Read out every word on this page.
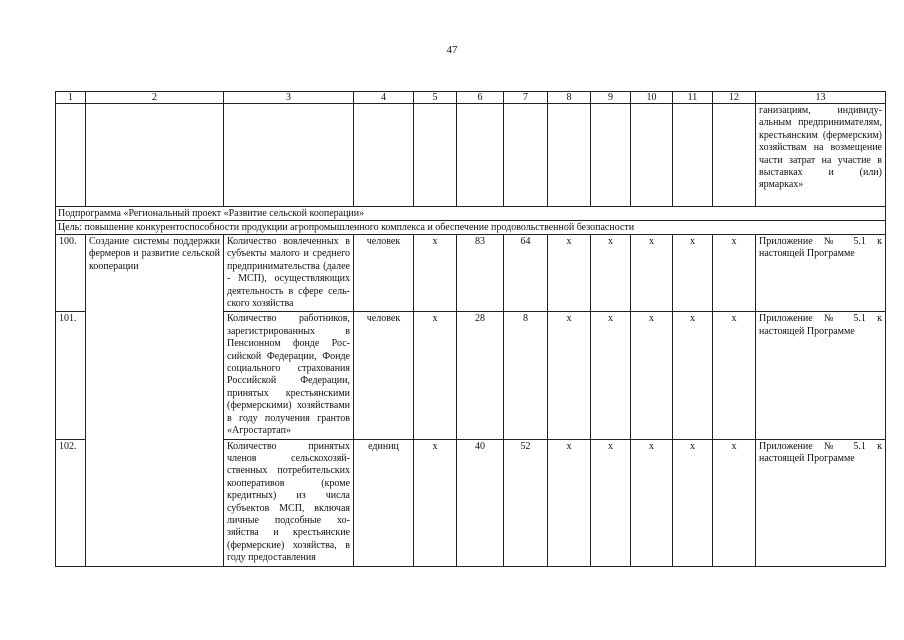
47
1	2	3	4	5	6	7	8	9	10	11	12	13
												ганизациям, индивидуальным предпринимателям, крестьянским (фермерским) хозяйствам на возмещение части затрат на участие в выставках и (или) ярмарках»
Подпрограмма «Региональный проект «Развитие сельской кооперации»												
Цель: повышение конкурентоспособности продукции агропромышленного комплекса и обеспечение продовольственной безопасности												
100.	Создание системы поддержки фермеров и развитие сельской кооперации	Количество вовлеченных в субъекты малого и среднего предпринимательства (далее - МСП), осуществляющих деятельность в сфере сельского хозяйства	человек	х	83	64	х	х	х	х	х	Приложение № 5.1 к настоящей Программе
101.		Количество работников, зарегистрированных в Пенсионном фонде Российской Федерации, Фонде социального страхования Российской Федерации, принятых крестьянскими (фермерскими) хозяйствами в году получения грантов «Агростартап»	человек	х	28	8	х	х	х	х	х	Приложение № 5.1 к настоящей Программе
102.		Количество принятых членов сельскохозяйственных потребительских кооперативов (кроме кредитных) из числа субъектов МСП, включая личные подсобные хозяйства и крестьянские (фермерские) хозяйства, в году предоставления	единиц	х	40	52	х	х	х	х	х	Приложение № 5.1 к настоящей Программе
